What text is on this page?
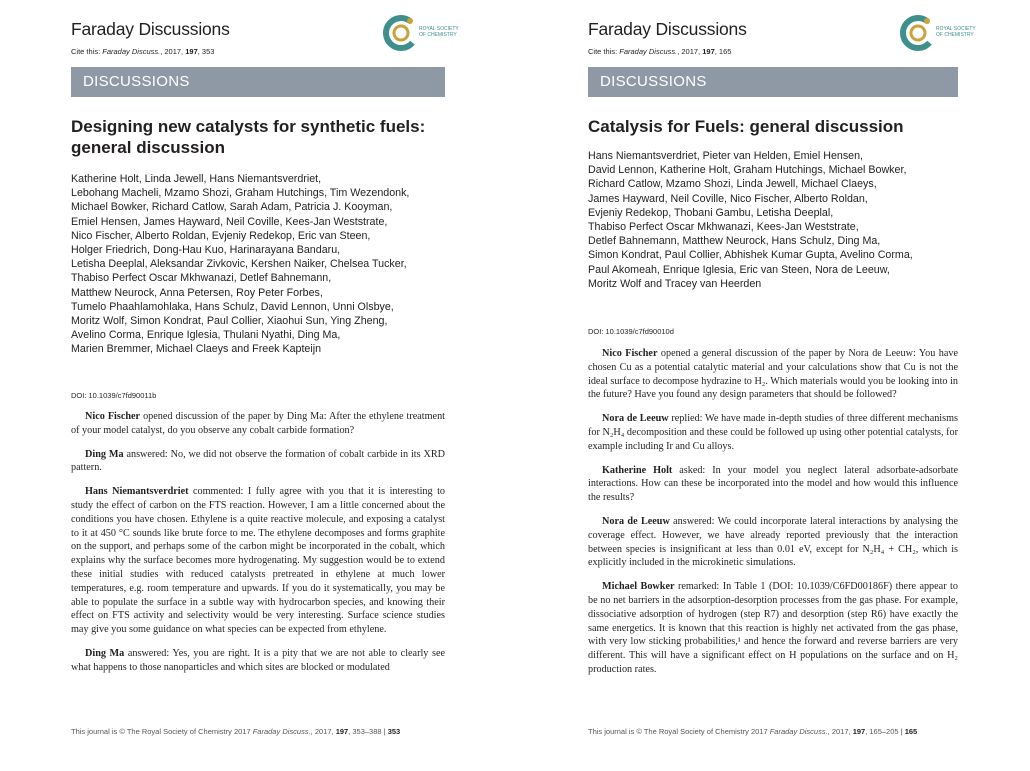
Faraday Discussions
Cite this: Faraday Discuss., 2017, 197, 353
ROYAL SOCIETY
OF CHEMISTRY
DISCUSSIONS
Designing new catalysts for synthetic fuels:
general discussion
Katherine Holt, Linda Jewell, Hans Niemantsverdriet,
Lebohang Macheli, Mzamo Shozi, Graham Hutchings, Tim Wezendonk,
Michael Bowker, Richard Catlow, Sarah Adam, Patricia J. Kooyman,
Emiel Hensen, James Hayward, Neil Coville, Kees-Jan Weststrate,
Nico Fischer, Alberto Roldan, Evjeniy Redekop, Eric van Steen,
Holger Friedrich, Dong-Hau Kuo, Harinarayana Bandaru,
Letisha Deeplal, Aleksandar Zivkovic, Kershen Naiker, Chelsea Tucker,
Thabiso Perfect Oscar Mkhwanazi, Detlef Bahnemann,
Matthew Neurock, Anna Petersen, Roy Peter Forbes,
Tumelo Phaahlamohlaka, Hans Schulz, David Lennon, Unni Olsbye,
Moritz Wolf, Simon Kondrat, Paul Collier, Xiaohui Sun, Ying Zheng,
Avelino Corma, Enrique Iglesia, Thulani Nyathi, Ding Ma,
Marien Bremmer, Michael Claeys and Freek Kapteijn
DOI: 10.1039/c7fd90011b

Nico Fischer opened discussion of the paper by Ding Ma: After the ethylene treatment of your model catalyst, do you observe any cobalt carbide formation?

Ding Ma answered: No, we did not observe the formation of cobalt carbide in its XRD pattern.

Hans Niemantsverdriet commented: I fully agree with you that it is interesting to study the effect of carbon on the FTS reaction. However, I am a little concerned about the conditions you have chosen. Ethylene is a quite reactive molecule, and exposing a catalyst to it at 450 °C sounds like brute force to me. The ethylene decomposes and forms graphite on the support, and perhaps some of the carbon might be incorporated in the cobalt, which explains why the surface becomes more hydrogenating. My suggestion would be to extend these initial studies with reduced catalysts pretreated in ethylene at much lower temperatures, e.g. room temperature and upwards. If you do it systematically, you may be able to populate the surface in a subtle way with hydrocarbon species, and knowing their effect on FTS activity and selectivity would be very interesting. Surface science studies may give you some guidance on what species can be expected from ethylene.

Ding Ma answered: Yes, you are right. It is a pity that we are not able to clearly see what happens to those nanoparticles and which sites are blocked or modulated

This journal is © The Royal Society of Chemistry 2017 Faraday Discuss., 2017, 197, 353–388 | 353
Faraday Discussions
Cite this: Faraday Discuss., 2017, 197, 165
ROYAL SOCIETY
OF CHEMISTRY
DISCUSSIONS
Catalysis for Fuels: general discussion
Hans Niemantsverdriet, Pieter van Helden, Emiel Hensen,
David Lennon, Katherine Holt, Graham Hutchings, Michael Bowker,
Richard Catlow, Mzamo Shozi, Linda Jewell, Michael Claeys,
James Hayward, Neil Coville, Nico Fischer, Alberto Roldan,
Evjeniy Redekop, Thobani Gambu, Letisha Deeplal,
Thabiso Perfect Oscar Mkhwanazi, Kees-Jan Weststrate,
Detlef Bahnemann, Matthew Neurock, Hans Schulz, Ding Ma,
Simon Kondrat, Paul Collier, Abhishek Kumar Gupta, Avelino Corma,
Paul Akomeah, Enrique Iglesia, Eric van Steen, Nora de Leeuw,
Moritz Wolf and Tracey van Heerden
DOI: 10.1039/c7fd90010d

Nico Fischer opened a general discussion of the paper by Nora de Leeuw: You have chosen Cu as a potential catalytic material and your calculations show that Cu is not the ideal surface to decompose hydrazine to H₂. Which materials would you be looking into in the future? Have you found any design parameters that should be followed?

Nora de Leeuw replied: We have made in-depth studies of three different mechanisms for N₂H₄ decomposition and these could be followed up using other potential catalysts, for example including Ir and Cu alloys.

Katherine Holt asked: In your model you neglect lateral adsorbate-adsorbate interactions. How can these be incorporated into the model and how would this influence the results?

Nora de Leeuw answered: We could incorporate lateral interactions by analysing the coverage effect. However, we have already reported previously that the interaction between species is insignificant at less than 0.01 eV, except for N₂H₄ + CH₂, which is explicitly included in the microkinetic simulations.

Michael Bowker remarked: In Table 1 (DOI: 10.1039/C6FD00186F) there appear to be no net barriers in the adsorption-desorption processes from the gas phase. For example, dissociative adsorption of hydrogen (step R7) and desorption (step R6) have exactly the same energetics. It is known that this reaction is highly net activated from the gas phase, with very low sticking probabilities,¹ and hence the forward and reverse barriers are very different. This will have a significant effect on H populations on the surface and on H₂ production rates.

This journal is © The Royal Society of Chemistry 2017 Faraday Discuss., 2017, 197, 165–205 | 165
